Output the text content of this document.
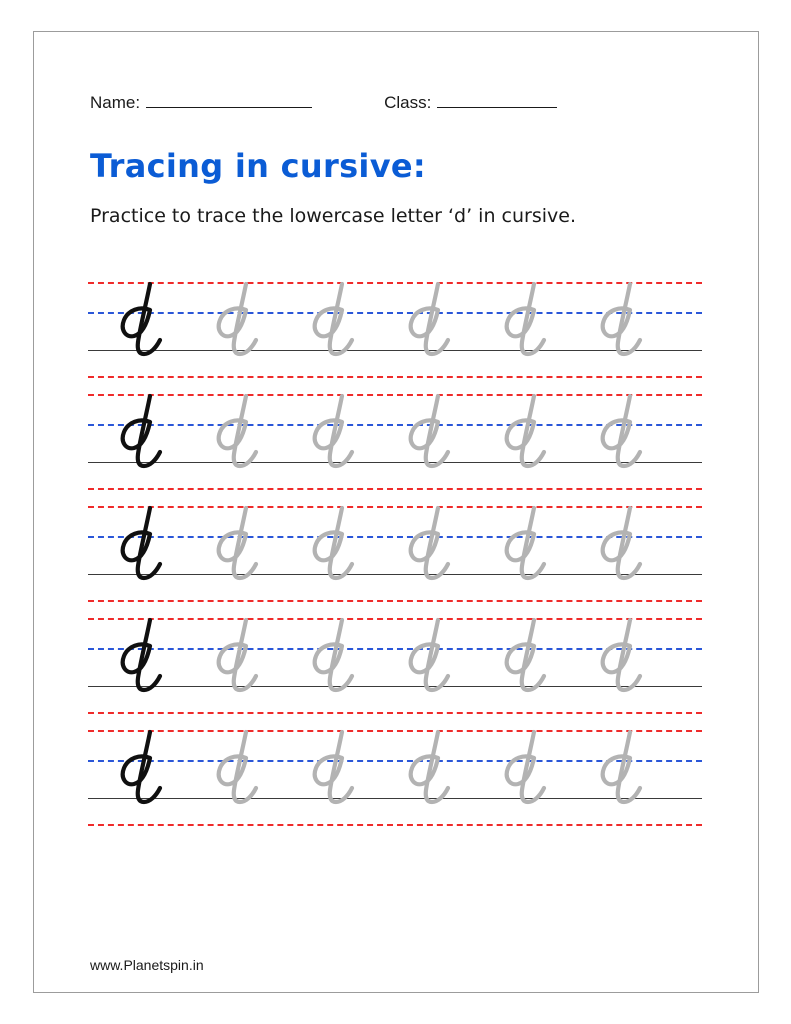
Name:	Class:
Tracing in cursive:
Practice to trace the lowercase letter ‘d’ in cursive.
www.Planetspin.in
